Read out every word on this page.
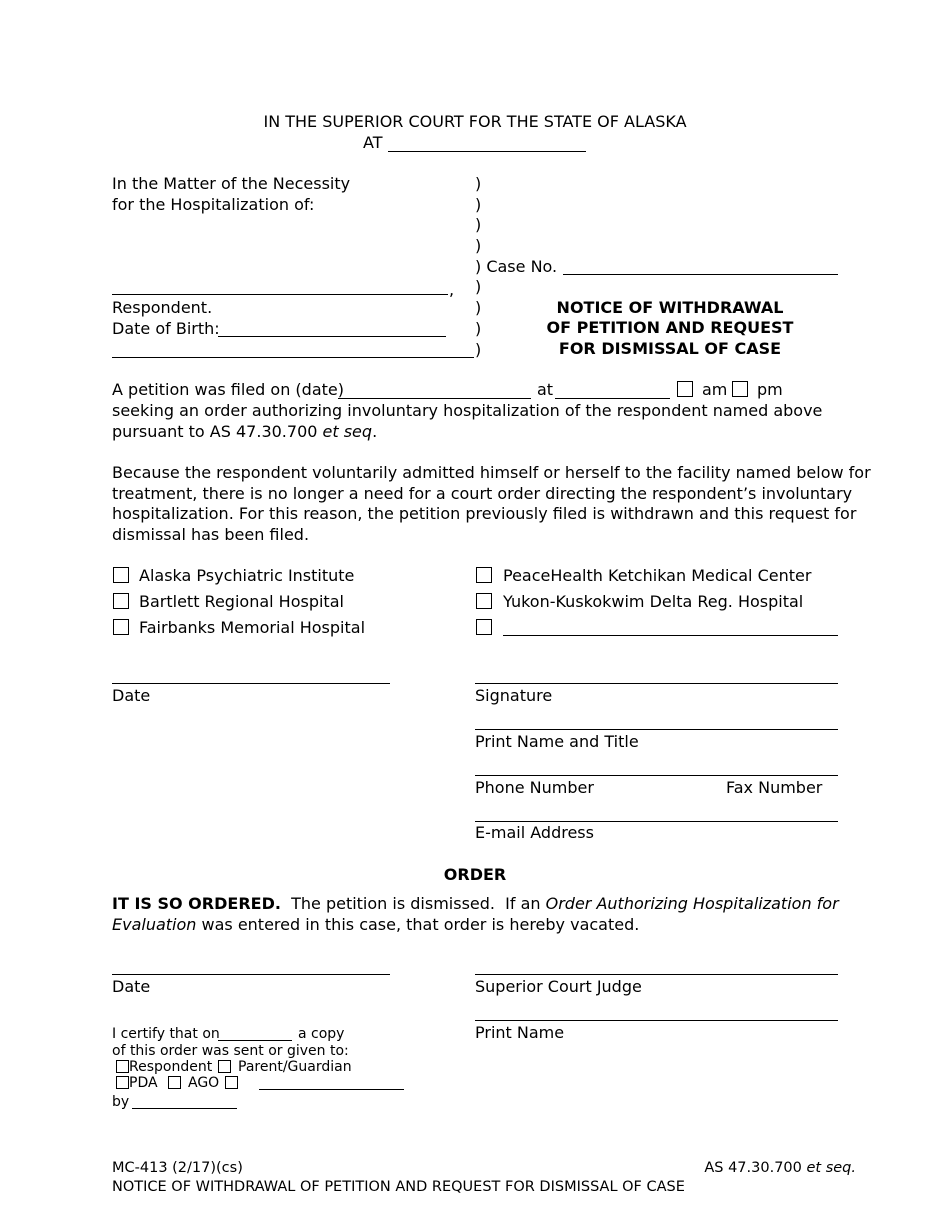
IN THE SUPERIOR COURT FOR THE STATE OF ALASKA
AT
In the Matter of the Necessity
for the Hospitalization of:
,
Respondent.
Date of Birth:
)
)
)
)
) Case No.
)
)
)
)
NOTICE OF WITHDRAWAL
OF PETITION AND REQUEST
FOR DISMISSAL OF CASE
A petition was filed on (date)	at	am pm
seeking an order authorizing involuntary hospitalization of the respondent named above
pursuant to AS 47.30.700 et seq.
Because the respondent voluntarily admitted himself or herself to the facility named below for
treatment, there is no longer a need for a court order directing the respondent’s involuntary
hospitalization. For this reason, the petition previously filed is withdrawn and this request for
dismissal has been filed.
Alaska Psychiatric Institute
Bartlett Regional Hospital
Fairbanks Memorial Hospital
PeaceHealth Ketchikan Medical Center
Yukon-Kuskokwim Delta Reg. Hospital
Date	Signature
Print Name and Title
Phone Number	Fax Number
E-mail Address
ORDER
IT IS SO ORDERED.  The petition is dismissed.  If an Order Authorizing Hospitalization for
Evaluation was entered in this case, that order is hereby vacated.
Date	Superior Court Judge
Print Name
I certify that on	a copy
of this order was sent or given to:
Respondent Parent/Guardian
PDA AGO
by
MC-413 (2/17)(cs)
NOTICE OF WITHDRAWAL OF PETITION AND REQUEST FOR DISMISSAL OF CASE
AS 47.30.700 et seq.
